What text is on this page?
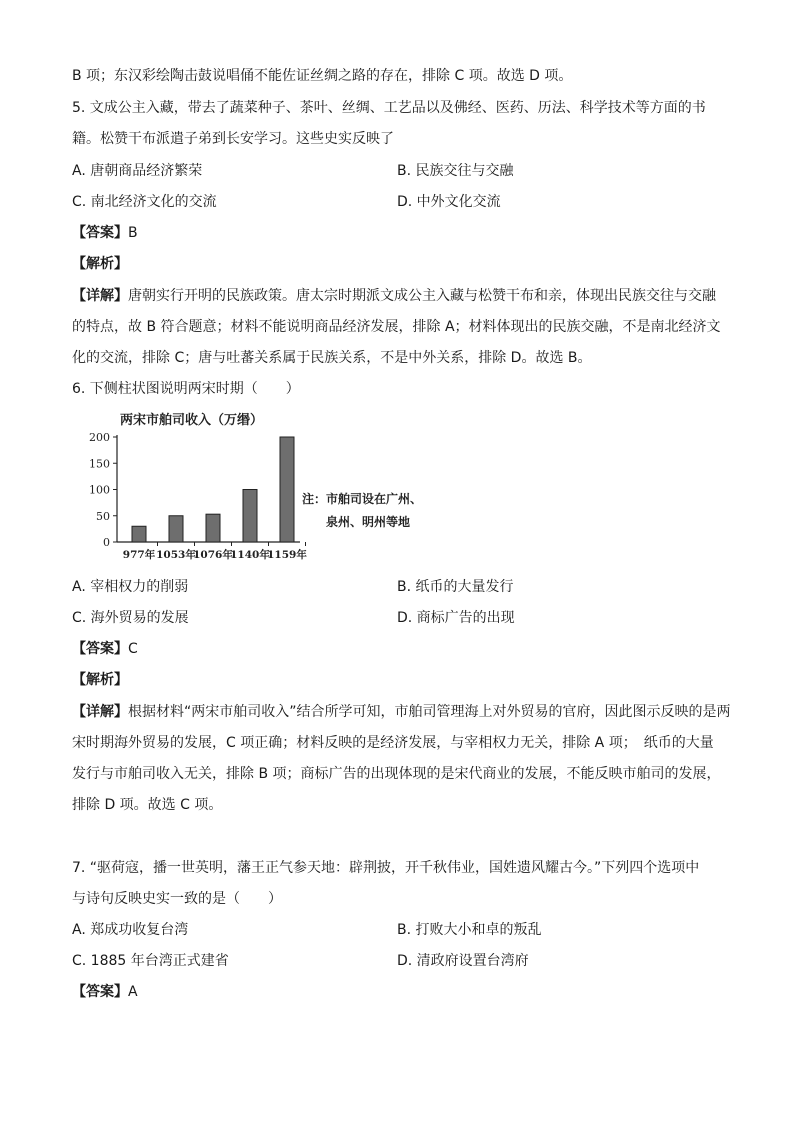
B 项；东汉彩绘陶击鼓说唱俑不能佐证丝绸之路的存在，排除 C 项。故选 D 项。
5. 文成公主入藏，带去了蔬菜种子、茶叶、丝绸、工艺品以及佛经、医药、历法、科学技术等方面的书
籍。松赞干布派遣子弟到长安学习。这些史实反映了
A. 唐朝商品经济繁荣	B. 民族交往与交融
C. 南北经济文化的交流	D. 中外文化交流
【答案】B
【解析】
【详解】唐朝实行开明的民族政策。唐太宗时期派文成公主入藏与松赞干布和亲，体现出民族交往与交融
的特点，故 B 符合题意；材料不能说明商品经济发展，排除 A；材料体现出的民族交融，不是南北经济文
化的交流，排除 C；唐与吐蕃关系属于民族关系，不是中外关系，排除 D。故选 B。
6. 下侧柱状图说明两宋时期（　　）
两宋市舶司收入（万缗）
0
50
100
150
200
977年 1053年
1076年
1140年
1159年
注：市舶司设在广州、
泉州、明州等地
A. 宰相权力的削弱	B. 纸币的大量发行
C. 海外贸易的发展	D. 商标广告的出现
【答案】C
【解析】
【详解】根据材料“两宋市舶司收入”结合所学可知，市舶司管理海上对外贸易的官府，因此图示反映的是两
宋时期海外贸易的发展，C 项正确；材料反映的是经济发展，与宰相权力无关，排除 A 项；　纸币的大量
发行与市舶司收入无关，排除 B 项；商标广告的出现体现的是宋代商业的发展，不能反映市舶司的发展，
排除 D 项。故选 C 项。
7. “驱荷寇，播一世英明，藩王正气参天地：辟荆披，开千秋伟业，国姓遗风耀古今。”下列四个选项中
与诗句反映史实一致的是（　　）
A. 郑成功收复台湾	B. 打败大小和卓的叛乱
C. 1885 年台湾正式建省	D. 清政府设置台湾府
【答案】A
